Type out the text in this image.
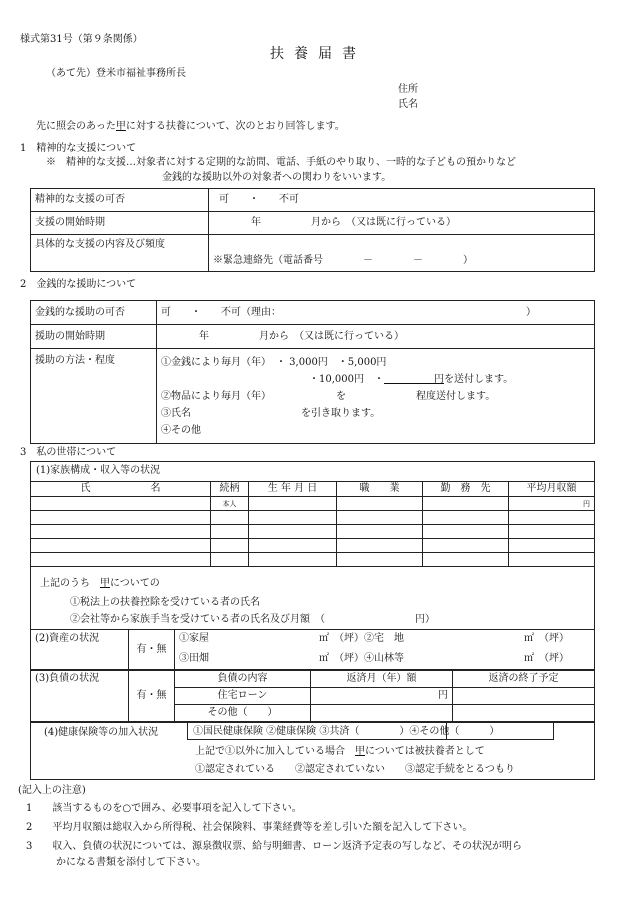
様式第31号（第９条関係）
扶養届書
（あて先）登米市福祉事務所長
住所
氏名
先に照会のあった甲に対する扶養について、次のとおり回答します。
1　精神的な支援について
※　精神的な支援…対象者に対する定期的な訪問、電話、手紙のやり取り、一時的な子どもの預かりなど
金銭的な援助以外の対象者への関わりをいいます。
精神的な支援の可否	可　　・　　不可
支援の開始時期	年　　　　　月から　（又は既に行っている）
具体的な支援の内容及び頻度	※緊急連絡先（電話番号　　　　－　　　　－　　　　）
2　金銭的な援助について
金銭的な援助の可否	可　　・　　不可（理由：　　　　　　　　　　　　　　　　　　　　　　　　　）
援助の開始時期	年　　　　　月から　（又は既に行っている）
援助の方法・程度	①金銭により毎月（年）　・ 3,000円　・5,000円
・10,000円　・　　　　　円を送付します。
②物品により毎月（年）　　　　　　　を　　　　　　　程度送付します。
③氏名　　　　　　　　　　　を引き取ります。
④その他
3　私の世帯について
(1)家族構成・収入等の状況
氏　　　　　　名	続柄	生 年 月 日	職　　業	勤　務　先	平均月収額
	本人				円

上記のうち　 甲についての
①税法上の扶養控除を受けている者の氏名
②会社等から家族手当を受けている者の氏名及び月額　（　　　　　　　　　円）
(2)資産の状況	有・無	①家屋　　　　　　　　　　　㎡　（坪）②宅　地　　　　　　　　　　　　㎡　（坪）
③田畑　　　　　　　　　　　㎡　（坪）④山林等　　　　　　　　　　　　㎡　（坪）
(3)負債の状況	有・無	負債の内容	返済月（年）額	返済の終了予定
		住宅ローン	円	
		その他（　　）		
(4)健康保険等の加入状況	①国民健康保険 ②健康保険 ③共済（　　　　）④その他（　　　）
上記で①以外に加入している場合　 甲については被扶養者として
①認定されている　　②認定されていない　　③認定手続をとるつもり
(記入上の注意)
1　　該当するものを○で囲み、必要事項を記入して下さい。
2　　平均月収額は総収入から所得税、社会保険料、事業経費等を差し引いた額を記入して下さい。
3　　収入、負債の状況については、源泉徴収票、給与明細書、ローン返済予定表の写しなど、その状況が明ら
かになる書類を添付して下さい。
